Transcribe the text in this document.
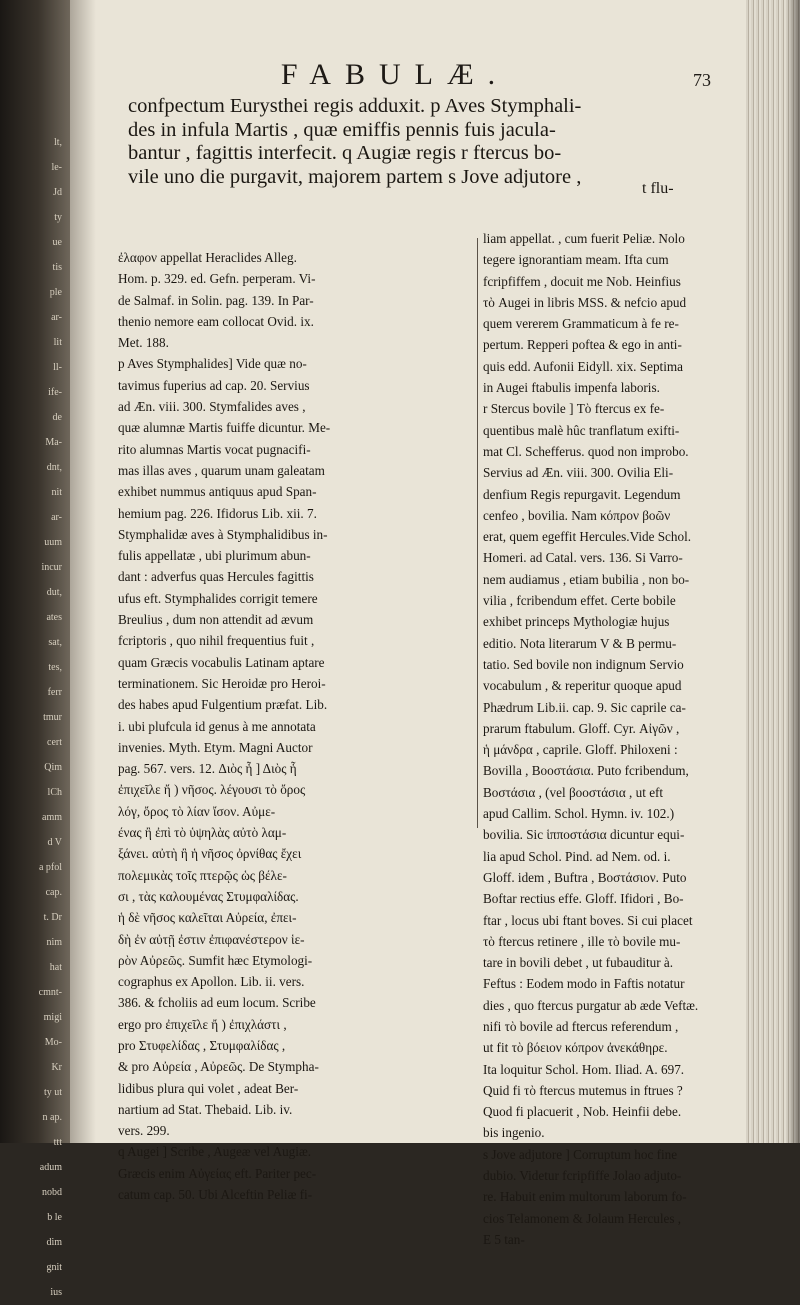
lt,
le-
Jd
ty
ue
tis
ple
ar-
lit
ll-
ife-
de
Ma-
dnt,
nit
ar-
uum
incur
dut,
ates
sat,
tes,
ferr
tmur
cert
Qim
lCh
amm
d V
a pfol
cap.
t. Dr
nim
hat
cmnt-
migi
Mo-
Kr
ty ut
n ap.
ttt
adum
nobd
b le
dim
gnit
ius
FABULÆ.	73
confpectum Eurysthei regis adduxit. p Aves Stymphali-
des in infula Martis , quæ emiffis pennis fuis jacula-
bantur , fagittis interfecit. q Augiæ regis r ftercus bo-
vile uno die purgavit, majorem partem s Jove adjutore ,
t flu-
ἐλαφον appellat Heraclides Alleg.
Hom. p. 329. ed. Gefn. perperam. Vi-
de Salmaf. in Solin. pag. 139. In Par-
thenio nemore eam collocat Ovid. ix.
Met. 188.
p Aves Stymphalides] Vide quæ no-
tavimus fuperius ad cap. 20. Servius
ad Æn. viii. 300. Stymfalides aves ,
quæ alumnæ Martis fuiffe dicuntur. Me-
rito alumnas Martis vocat pugnacifi-
mas illas aves , quarum unam galeatam
exhibet nummus antiquus apud Span-
hemium pag. 226. Ifidorus Lib. xii. 7.
Stymphalidæ aves à Stymphalidibus in-
fulis appellatæ , ubi plurimum abun-
dant : adverfus quas Hercules fagittis
ufus eft. Stymphalides corrigit temere
Breulius , dum non attendit ad ævum
fcriptoris , quo nihil frequentius fuit ,
quam Græcis vocabulis Latinam aptare
terminationem. Sic Heroidæ pro Heroi-
des habes apud Fulgentium præfat. Lib.
i. ubi plufcula id genus à me annotata
invenies. Myth. Etym. Magni Auctor
pag. 567. vers. 12. Διὸς ἦ ] Διὸς ἦ
ἐπιχεῖλε ἤ ) νῆσος. λέγουσι τὸ ὄρος
λόγ, ὄρος τὸ λίαν ἴσον. Αὐμε-
ένας ἢ ἐπὶ τὸ ὑψηλὰς αὐτὸ λαμ-
ξάνει. αὐτὴ ἢ ἡ νῆσος ὀρνίθας ἔχει
πολεμικὰς τοῖς πτερῷς ὡς βέλε-
σι , τὰς καλουμένας Στυμφαλίδας.
ἡ δὲ νῆσος καλεῖται Αὐρεία, ἐπει-
δὴ ἐν αὐτῇ ἐστιν ἐπιφανέστερον ἱε-
ρὸν Αὐρεῶς. Sumfit hæc Etymologi-
cographus ex Apollon. Lib. ii. vers.
386. & fcholiis ad eum locum. Scribe
ergo pro ἐπιχεῖλε ἤ ) ἐπιχλάστι ,
pro Στυφελίδας , Στυμφαλίδας ,
& pro Αὐρεία , Αὐρεῶς. De Stympha-
lidibus plura qui volet , adeat Ber-
nartium ad Stat. Thebaid. Lib. iv.
vers. 299.
q Augei ] Scribe , Augeæ vel Augiæ.
Græcis enim Αὐγείας eft. Pariter pec-
catum cap. 50. Ubi Alceftin Peliæ fi-
liam appellat. , cum fuerit Peliæ. Nolo
tegere ignorantiam meam. Ifta cum
fcripfiffem , docuit me Nob. Heinfius
τὸ Augei in libris MSS. & nefcio apud
quem vererem Grammaticum à fe re-
pertum. Repperi poftea & ego in anti-
quis edd. Aufonii Eidyll. xix. Septima
in Augei ftabulis impenfa laboris.
r Stercus bovile ] Τὸ ftercus ex fe-
quentibus malè hûc tranflatum exifti-
mat Cl. Schefferus. quod non improbo.
Servius ad Æn. viii. 300. Ovilia Eli-
denfium Regis repurgavit. Legendum
cenfeo , bovilia. Nam κόπρον βοῶν
erat, quem egeffit Hercules.Vide Schol.
Homeri. ad Catal. vers. 136. Si Varro-
nem audiamus , etiam bubilia , non bo-
vilia , fcribendum effet. Certe bobile
exhibet princeps Mythologiæ hujus
editio. Nota literarum V & B permu-
tatio. Sed bovile non indignum Servio
vocabulum , & reperitur quoque apud
Phædrum Lib.ii. cap. 9. Sic caprile ca-
prarum ftabulum. Gloff. Cyr. Αἰγῶν ,
ἡ μάνδρα , caprile. Gloff. Philoxeni :
Bovilla , Βοοστάσια. Puto fcribendum,
Βοστάσια , (vel βοοστάσια , ut eft
apud Callim. Schol. Hymn. iv. 102.)
bovilia. Sic ἱπποστάσια dicuntur equi-
lia apud Schol. Pind. ad Nem. od. i.
Gloff. idem , Buftra , Βοστάσιον. Puto
Boftar rectius effe. Gloff. Ifidori , Bo-
ftar , locus ubi ftant boves. Si cui placet
τὸ ftercus retinere , ille τὸ bovile mu-
tare in bovili debet , ut fubauditur à.
Feftus : Eodem modo in Faftis notatur
dies , quo ftercus purgatur ab æde Veftæ.
nifi τὸ bovile ad ftercus referendum ,
ut fit τὸ βόειον κόπρον ἀνεκάθηρε.
Ita loquitur Schol. Hom. Iliad. A. 697.
Quid fi τὸ ftercus mutemus in ftrues ?
Quod fi placuerit , Nob. Heinfii debe.
bis ingenio.
s Jove adjutore ] Corruptum hoc fine
dubio. Videtur fcripfiffe Jolao adjuto-
re. Habuit enim multorum laborum fo-
cios Telamonem & Jolaum Hercules ,
E 5 tan-
